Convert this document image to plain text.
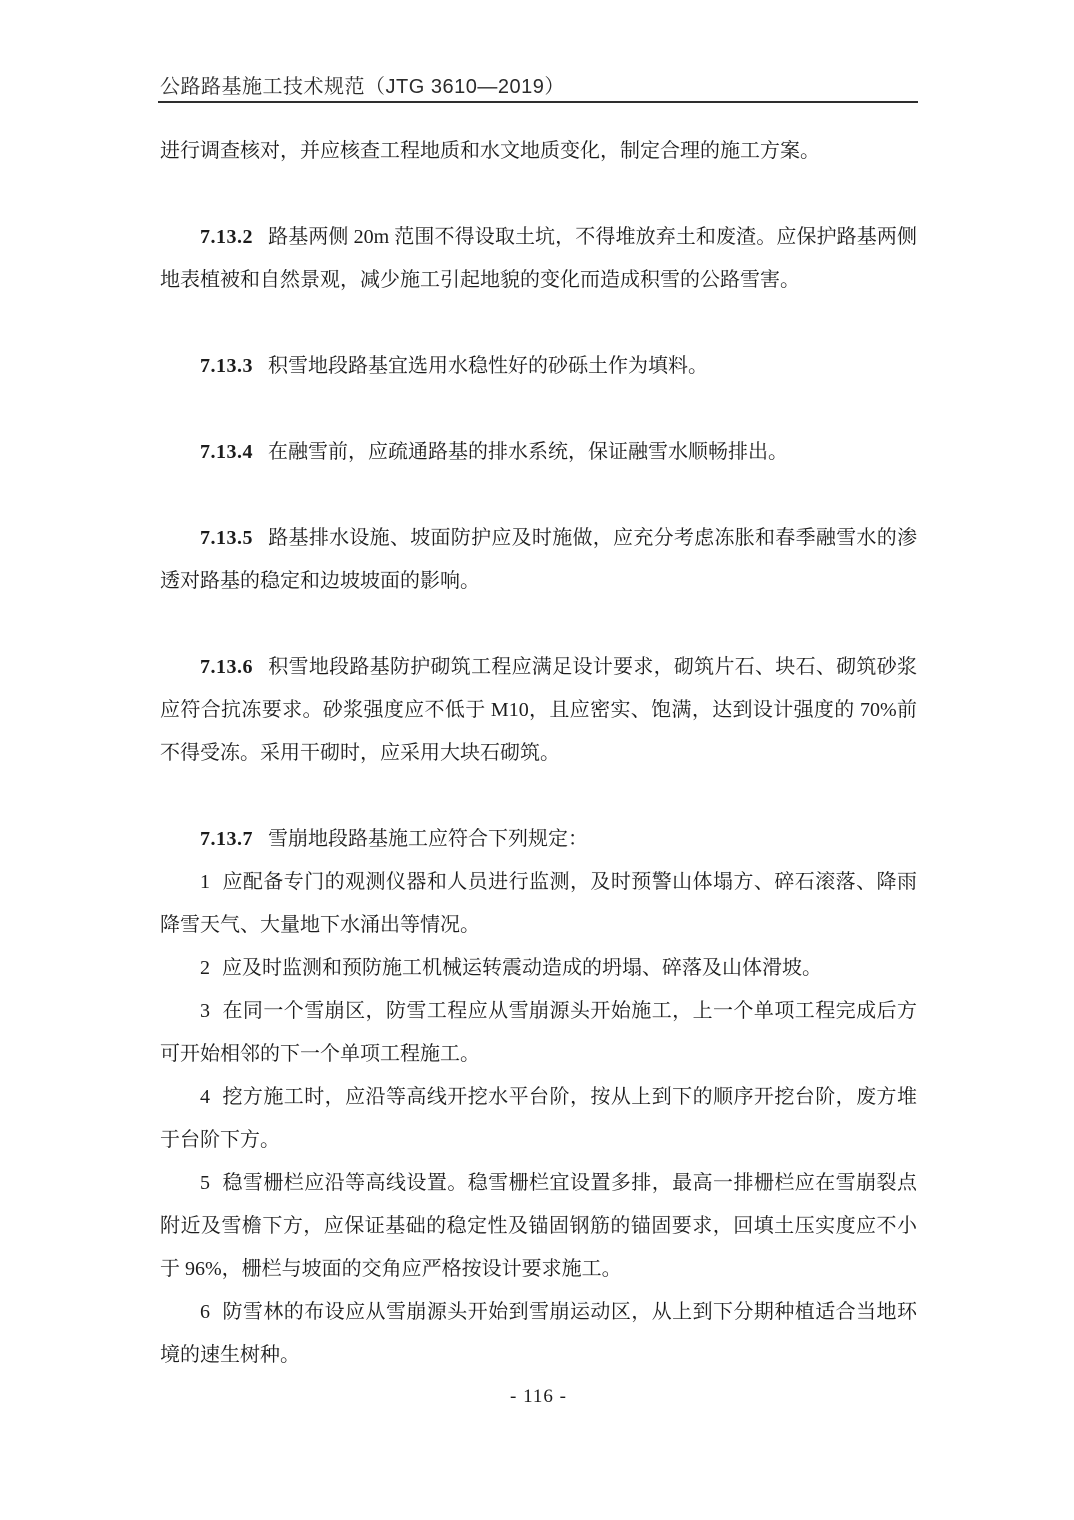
公路路基施工技术规范（JTG 3610—2019）

进行调查核对，并应核查工程地质和水文地质变化，制定合理的施工方案。

7.13.2 路基两侧 20m 范围不得设取土坑，不得堆放弃土和废渣。应保护路基两侧地表植被和自然景观，减少施工引起地貌的变化而造成积雪的公路雪害。

7.13.3 积雪地段路基宜选用水稳性好的砂砾土作为填料。

7.13.4 在融雪前，应疏通路基的排水系统，保证融雪水顺畅排出。

7.13.5 路基排水设施、坡面防护应及时施做，应充分考虑冻胀和春季融雪水的渗透对路基的稳定和边坡坡面的影响。

7.13.6 积雪地段路基防护砌筑工程应满足设计要求，砌筑片石、块石、砌筑砂浆应符合抗冻要求。砂浆强度应不低于 M10，且应密实、饱满，达到设计强度的 70%前不得受冻。采用干砌时，应采用大块石砌筑。

7.13.7 雪崩地段路基施工应符合下列规定：

1 应配备专门的观测仪器和人员进行监测，及时预警山体塌方、碎石滚落、降雨降雪天气、大量地下水涌出等情况。

2 应及时监测和预防施工机械运转震动造成的坍塌、碎落及山体滑坡。

3 在同一个雪崩区，防雪工程应从雪崩源头开始施工，上一个单项工程完成后方可开始相邻的下一个单项工程施工。

4 挖方施工时，应沿等高线开挖水平台阶，按从上到下的顺序开挖台阶，废方堆于台阶下方。

5 稳雪栅栏应沿等高线设置。稳雪栅栏宜设置多排，最高一排栅栏应在雪崩裂点附近及雪檐下方，应保证基础的稳定性及锚固钢筋的锚固要求，回填土压实度应不小于 96%，栅栏与坡面的交角应严格按设计要求施工。

6 防雪林的布设应从雪崩源头开始到雪崩运动区，从上到下分期种植适合当地环境的速生树种。

- 116 -
